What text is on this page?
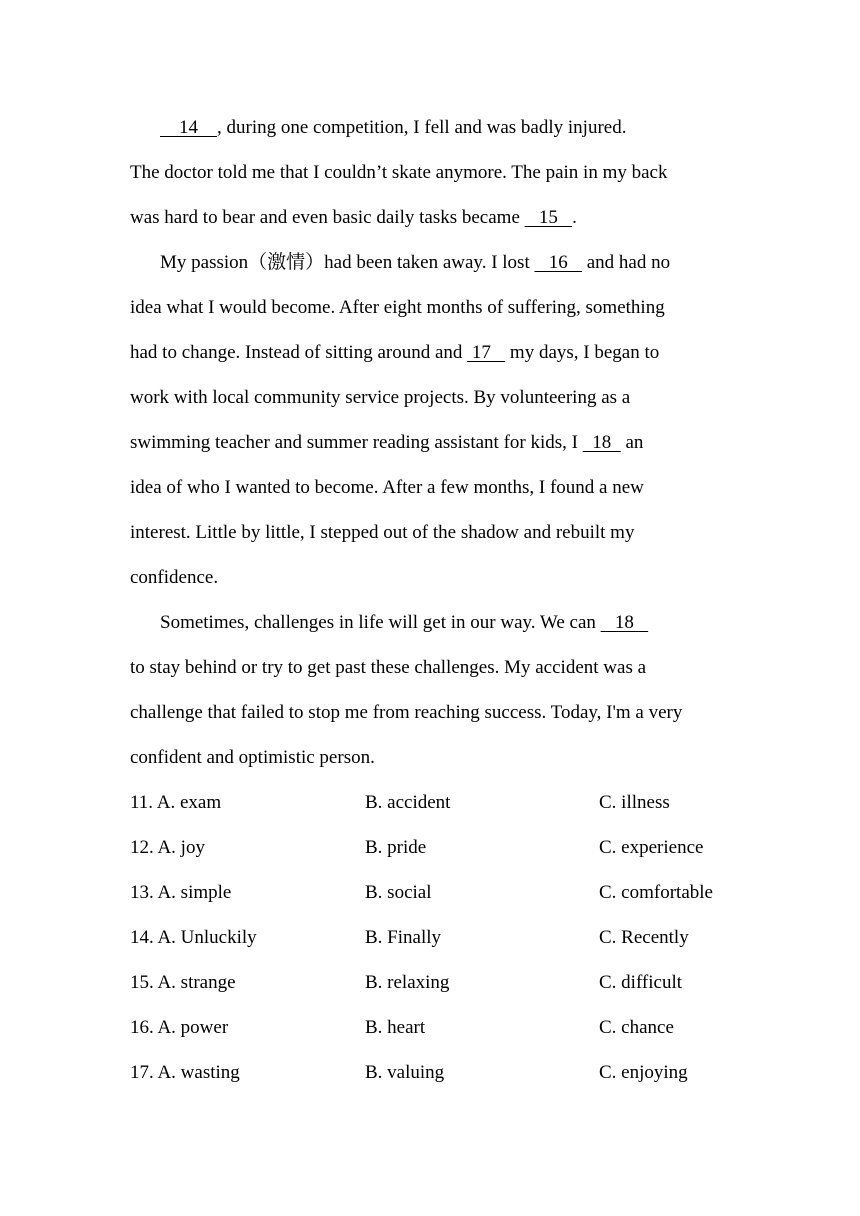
14    , during one competition, I fell and was badly injured.
The doctor told me that I couldn’t skate anymore. The pain in my back
was hard to bear and even basic daily tasks became    15   .
My passion（激情）had been taken away. I lost    16    and had no
idea what I would become. After eight months of suffering, something
had to change. Instead of sitting around and  17    my days, I began to
work with local community service projects. By volunteering as a
swimming teacher and summer reading assistant for kids, I   18   an
idea of who I wanted to become. After a few months, I found a new
interest. Little by little, I stepped out of the shadow and rebuilt my
confidence.
Sometimes, challenges in life will get in our way. We can    18
to stay behind or try to get past these challenges. My accident was a
challenge that failed to stop me from reaching success. Today, I'm a very
confident and optimistic person.
11. A. exam	B. accident	C. illness
12. A. joy	B. pride	C. experience
13. A. simple	B. social	C. comfortable
14. A. Unluckily	B. Finally	C. Recently
15. A. strange	B. relaxing	C. difficult
16. A. power	B. heart	C. chance
17. A. wasting	B. valuing	C. enjoying
